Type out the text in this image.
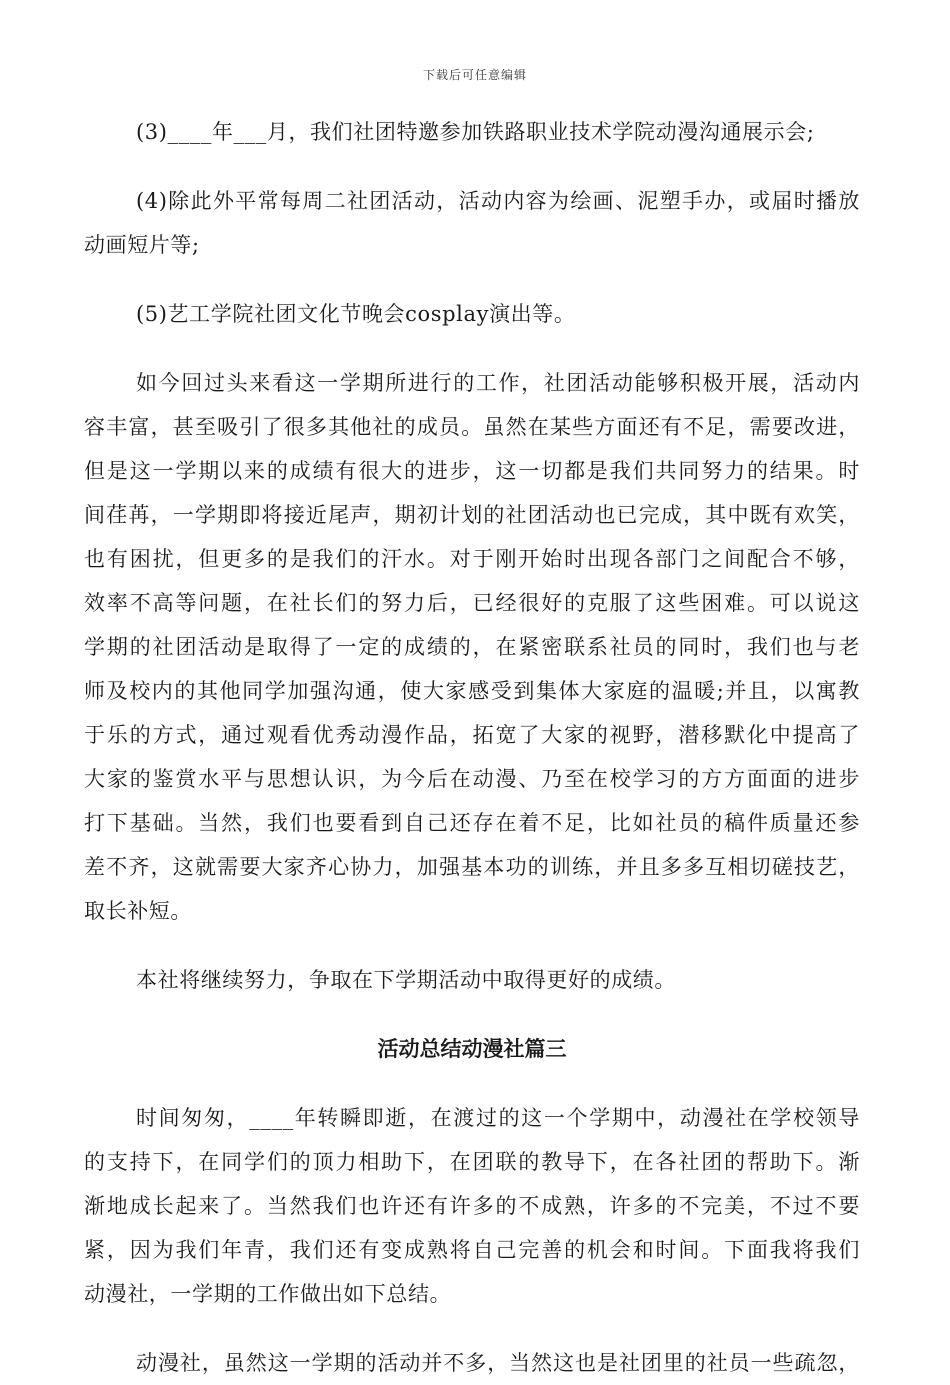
下载后可任意编辑
(3)____年___月，我们社团特邀参加铁路职业技术学院动漫沟通展示会;
(4)除此外平常每周二社团活动，活动内容为绘画、泥塑手办，或届时播放
动画短片等;
(5)艺工学院社团文化节晚会cosplay演出等。
如今回过头来看这一学期所进行的工作，社团活动能够积极开展，活动内
容丰富，甚至吸引了很多其他社的成员。虽然在某些方面还有不足，需要改进，
但是这一学期以来的成绩有很大的进步，这一切都是我们共同努力的结果。时
间荏苒，一学期即将接近尾声，期初计划的社团活动也已完成，其中既有欢笑，
也有困扰，但更多的是我们的汗水。对于刚开始时出现各部门之间配合不够，
效率不高等问题，在社长们的努力后，已经很好的克服了这些困难。可以说这
学期的社团活动是取得了一定的成绩的，在紧密联系社员的同时，我们也与老
师及校内的其他同学加强沟通，使大家感受到集体大家庭的温暖;并且，以寓教
于乐的方式，通过观看优秀动漫作品，拓宽了大家的视野，潜移默化中提高了
大家的鉴赏水平与思想认识，为今后在动漫、乃至在校学习的方方面面的进步
打下基础。当然，我们也要看到自己还存在着不足，比如社员的稿件质量还参
差不齐，这就需要大家齐心协力，加强基本功的训练，并且多多互相切磋技艺，
取长补短。
本社将继续努力，争取在下学期活动中取得更好的成绩。
活动总结动漫社篇三
时间匆匆，____年转瞬即逝，在渡过的这一个学期中，动漫社在学校领导
的支持下，在同学们的顶力相助下，在团联的教导下，在各社团的帮助下。渐
渐地成长起来了。当然我们也许还有许多的不成熟，许多的不完美，不过不要
紧，因为我们年青，我们还有变成熟将自己完善的机会和时间。下面我将我们
动漫社，一学期的工作做出如下总结。
动漫社，虽然这一学期的活动并不多，当然这也是社团里的社员一些疏忽，
